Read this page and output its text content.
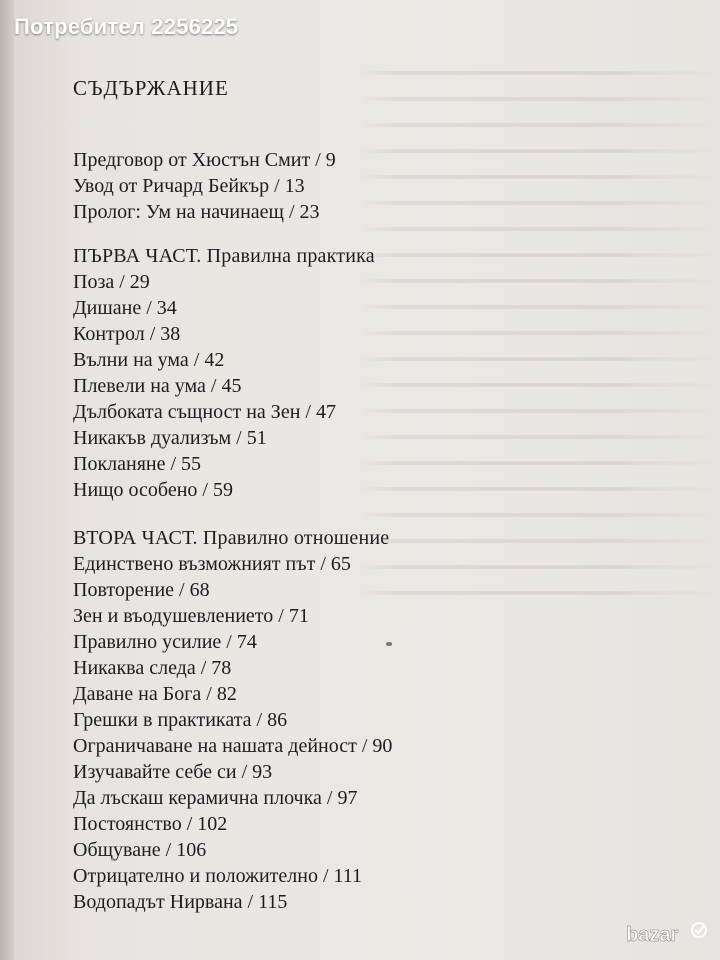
Потребител 2256225
СЪДЪРЖАНИЕ
Предговор от Хюстън Смит / 9
Увод от Ричард Бейкър / 13
Пролог: Ум на начинаещ / 23
ПЪРВА ЧАСТ. Правилна практика
Поза / 29
Дишане / 34
Контрол / 38
Вълни на ума / 42
Плевели на ума / 45
Дълбоката същност на Зен / 47
Никакъв дуализъм / 51
Покланяне / 55
Нищо особено / 59
ВТОРА ЧАСТ. Правилно отношение
Единствено възможният път / 65
Повторение / 68
Зен и въодушевлението / 71
Правилно усилие / 74
Никаква следа / 78
Даване на Бога / 82
Грешки в практиката / 86
Ограничаване на нашата дейност / 90
Изучавайте себе си / 93
Да лъскаш керамична плочка / 97
Постоянство / 102
Общуване / 106
Отрицателно и положително / 111
Водопадът Нирвана / 115
bazar
